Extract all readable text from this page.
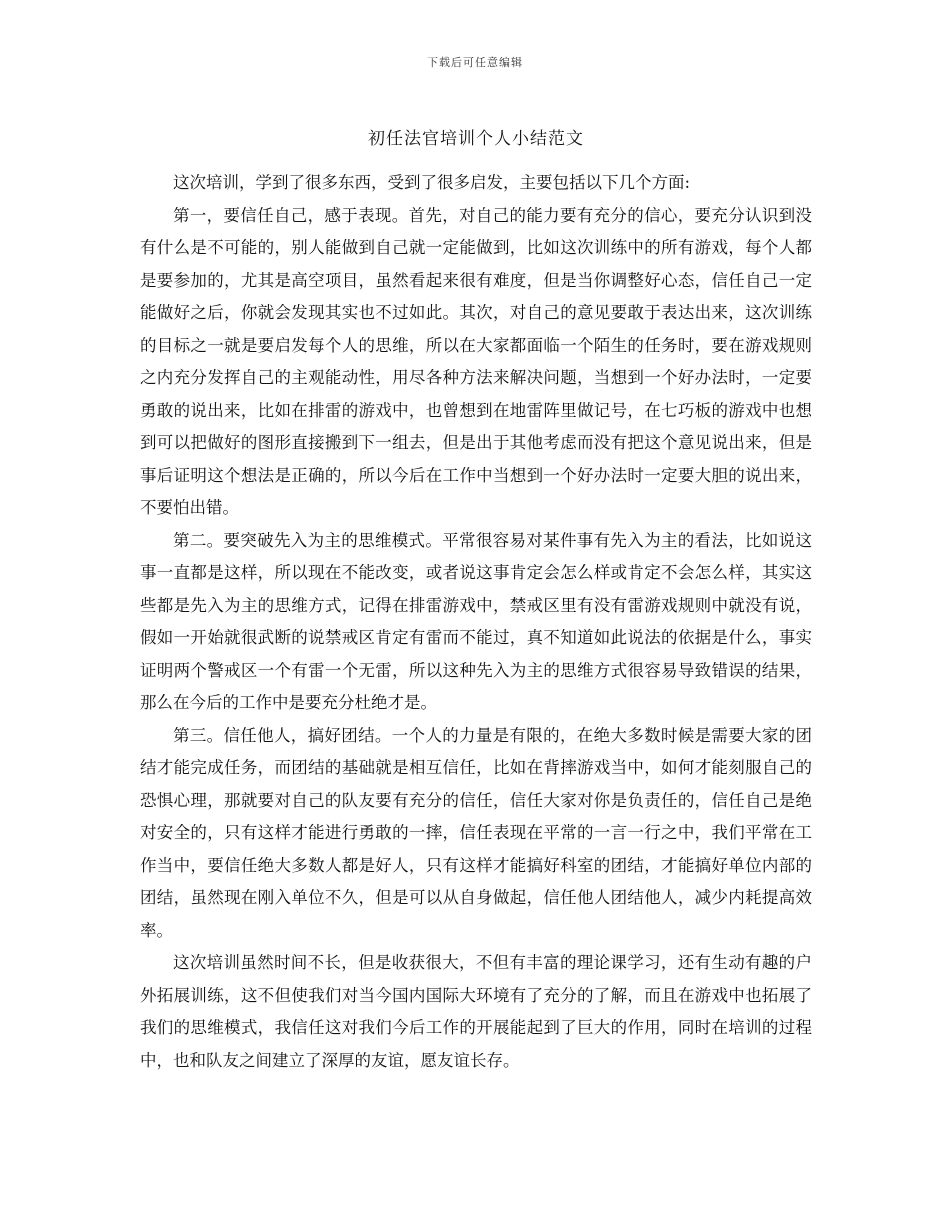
下载后可任意编辑
初任法官培训个人小结范文

这次培训，学到了很多东西，受到了很多启发，主要包括以下几个方面:

第一，要信任自己，感于表现。首先，对自己的能力要有充分的信心，要充分认识到没有什么是不可能的，别人能做到自己就一定能做到，比如这次训练中的所有游戏，每个人都是要参加的，尤其是高空项目，虽然看起来很有难度，但是当你调整好心态，信任自己一定能做好之后，你就会发现其实也不过如此。其次，对自己的意见要敢于表达出来，这次训练的目标之一就是要启发每个人的思维，所以在大家都面临一个陌生的任务时，要在游戏规则之内充分发挥自己的主观能动性，用尽各种方法来解决问题，当想到一个好办法时，一定要勇敢的说出来，比如在排雷的游戏中，也曾想到在地雷阵里做记号，在七巧板的游戏中也想到可以把做好的图形直接搬到下一组去，但是出于其他考虑而没有把这个意见说出来，但是事后证明这个想法是正确的，所以今后在工作中当想到一个好办法时一定要大胆的说出来，不要怕出错。

第二。要突破先入为主的思维模式。平常很容易对某件事有先入为主的看法，比如说这事一直都是这样，所以现在不能改变，或者说这事肯定会怎么样或肯定不会怎么样，其实这些都是先入为主的思维方式，记得在排雷游戏中，禁戒区里有没有雷游戏规则中就没有说，假如一开始就很武断的说禁戒区肯定有雷而不能过，真不知道如此说法的依据是什么，事实证明两个警戒区一个有雷一个无雷，所以这种先入为主的思维方式很容易导致错误的结果，那么在今后的工作中是要充分杜绝才是。

第三。信任他人，搞好团结。一个人的力量是有限的，在绝大多数时候是需要大家的团结才能完成任务，而团结的基础就是相互信任，比如在背摔游戏当中，如何才能刻服自己的恐惧心理，那就要对自己的队友要有充分的信任，信任大家对你是负责任的，信任自己是绝对安全的，只有这样才能进行勇敢的一摔，信任表现在平常的一言一行之中，我们平常在工作当中，要信任绝大多数人都是好人，只有这样才能搞好科室的团结，才能搞好单位内部的团结，虽然现在刚入单位不久，但是可以从自身做起，信任他人团结他人，减少内耗提高效率。

这次培训虽然时间不长，但是收获很大，不但有丰富的理论课学习，还有生动有趣的户外拓展训练，这不但使我们对当今国内国际大环境有了充分的了解，而且在游戏中也拓展了我们的思维模式，我信任这对我们今后工作的开展能起到了巨大的作用，同时在培训的过程中，也和队友之间建立了深厚的友谊，愿友谊长存。
